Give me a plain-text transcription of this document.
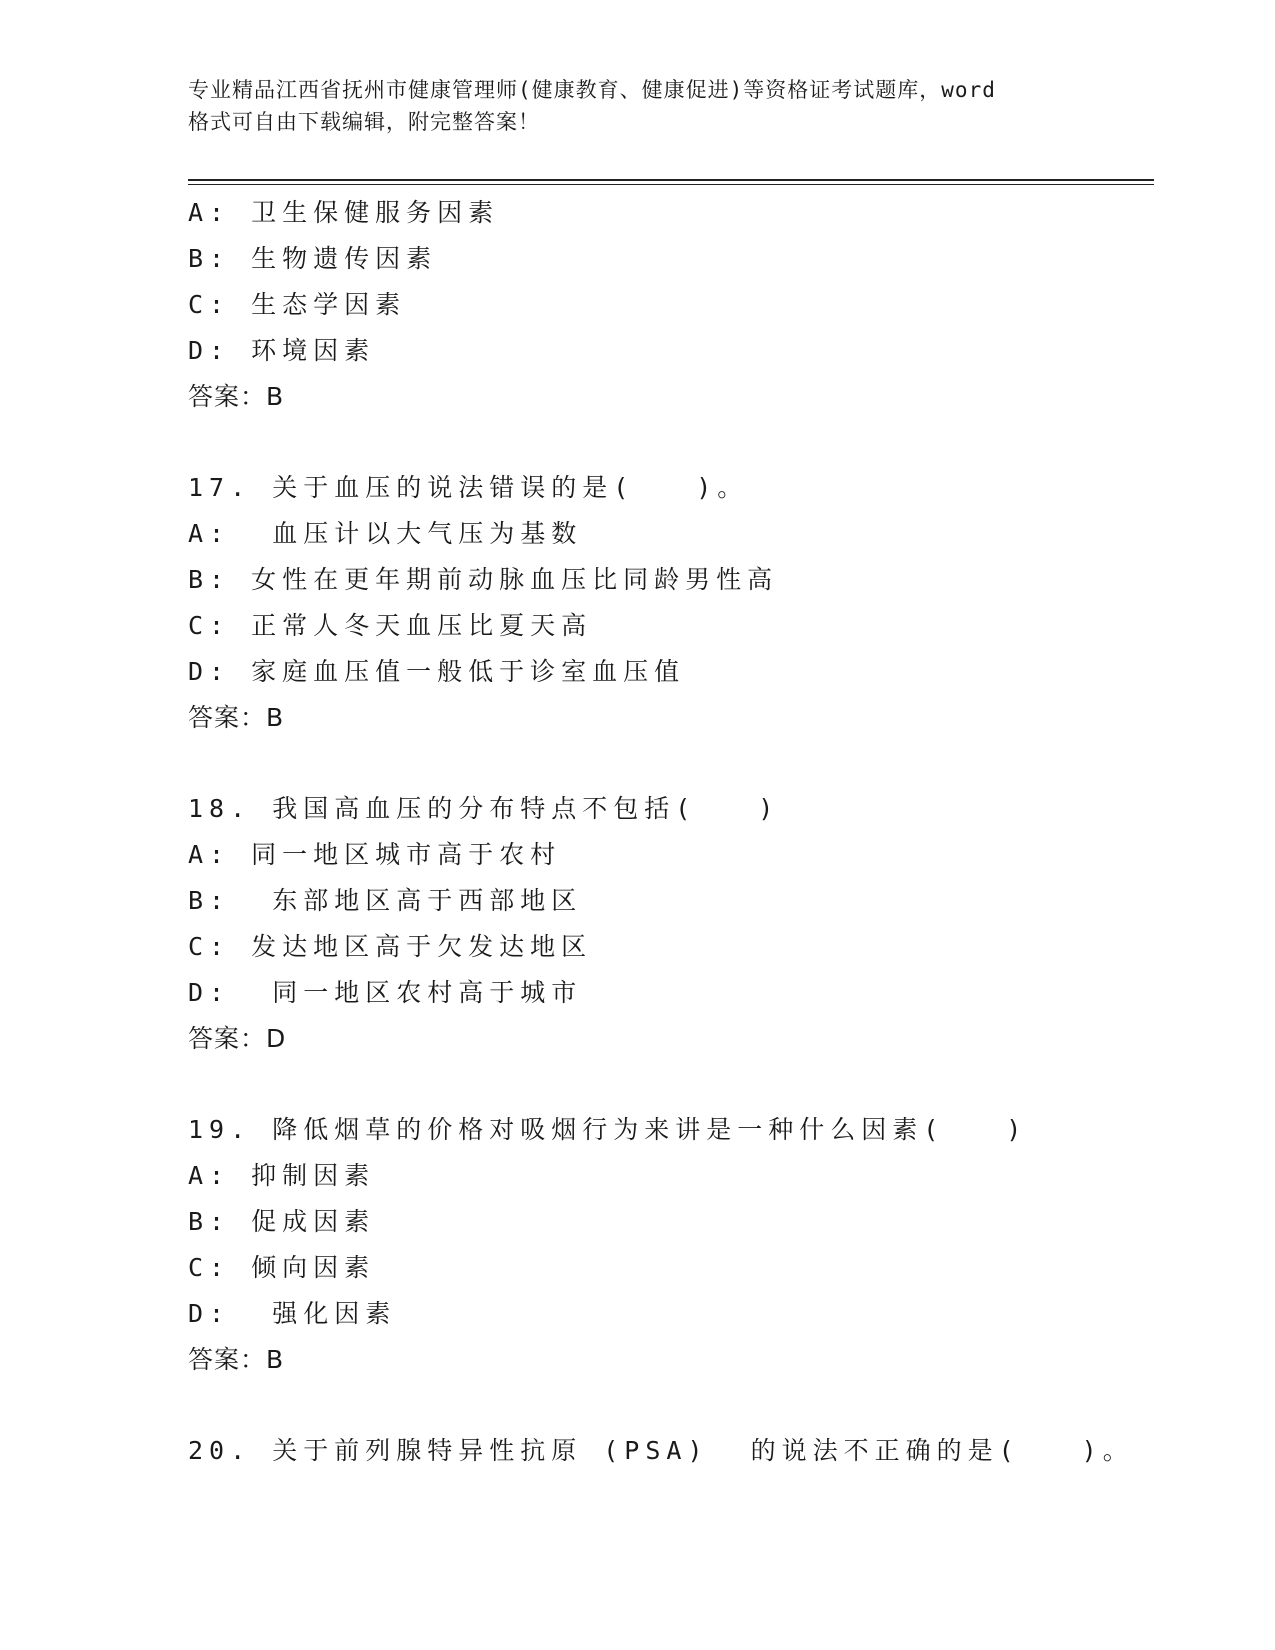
专业精品江西省抚州市健康管理师(健康教育、健康促进)等资格证考试题库，word
格式可自由下载编辑，附完整答案！
A: 卫生保健服务因素
B: 生物遗传因素
C: 生态学因素
D: 环境因素
答案：B
17. 关于血压的说法错误的是(　　)。
A:  血压计以大气压为基数
B: 女性在更年期前动脉血压比同龄男性高
C: 正常人冬天血压比夏天高
D: 家庭血压值一般低于诊室血压值
答案：B
18. 我国高血压的分布特点不包括(　　)
A: 同一地区城市高于农村
B:  东部地区高于西部地区
C: 发达地区高于欠发达地区
D:  同一地区农村高于城市
答案：D
19. 降低烟草的价格对吸烟行为来讲是一种什么因素(　　)
A: 抑制因素
B: 促成因素
C: 倾向因素
D:  强化因素
答案：B
20. 关于前列腺特异性抗原 (PSA)  的说法不正确的是(　　)。
